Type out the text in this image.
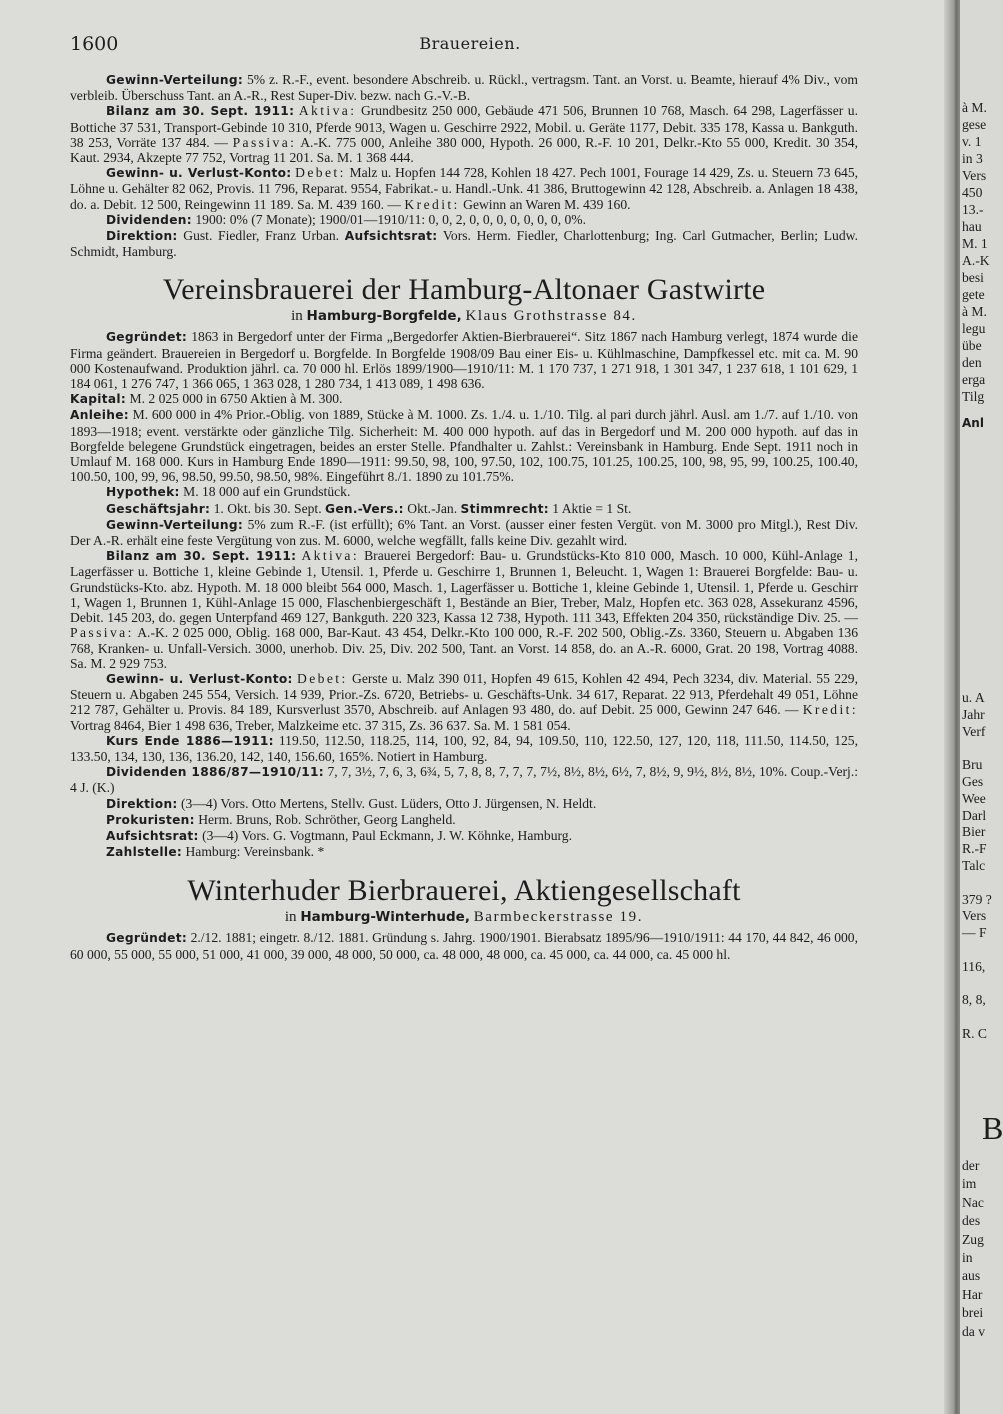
1600	Brauereien.

Gewinn-Verteilung: 5% z. R.-F., event. besondere Abschreib. u. Rückl., vertragsm. Tant. an Vorst. u. Beamte, hierauf 4% Div., vom verbleib. Überschuss Tant. an A.-R., Rest Super-Div. bezw. nach G.-V.-B.

Bilanz am 30. Sept. 1911: Aktiva: Grundbesitz 250 000, Gebäude 471 506, Brunnen 10 768, Masch. 64 298, Lagerfässer u. Bottiche 37 531, Transport-Gebinde 10 310, Pferde 9013, Wagen u. Geschirre 2922, Mobil. u. Geräte 1177, Debit. 335 178, Kassa u. Bankguth. 38 253, Vorräte 137 484. — Passiva: A.-K. 775 000, Anleihe 380 000, Hypoth. 26 000, R.-F. 10 201, Delkr.-Kto 55 000, Kredit. 30 354, Kaut. 2934, Akzepte 77 752, Vortrag 11 201. Sa. M. 1 368 444.

Gewinn- u. Verlust-Konto: Debet: Malz u. Hopfen 144 728, Kohlen 18 427. Pech 1001, Fourage 14 429, Zs. u. Steuern 73 645, Löhne u. Gehälter 82 062, Provis. 11 796, Reparat. 9554, Fabrikat.- u. Handl.-Unk. 41 386, Bruttogewinn 42 128, Abschreib. a. Anlagen 18 438, do. a. Debit. 12 500, Reingewinn 11 189. Sa. M. 439 160. — Kredit: Gewinn an Waren M. 439 160.

Dividenden: 1900: 0% (7 Monate); 1900/01—1910/11: 0, 0, 2, 0, 0, 0, 0, 0, 0, 0, 0%.

Direktion: Gust. Fiedler, Franz Urban. Aufsichtsrat: Vors. Herm. Fiedler, Charlottenburg; Ing. Carl Gutmacher, Berlin; Ludw. Schmidt, Hamburg.

Vereinsbrauerei der Hamburg-Altonaer Gastwirte
in Hamburg-Borgfelde, Klaus Grothstrasse 84.

Gegründet: 1863 in Bergedorf unter der Firma „Bergedorfer Aktien-Bierbrauerei“. Sitz 1867 nach Hamburg verlegt, 1874 wurde die Firma geändert. Brauereien in Bergedorf u. Borgfelde. In Borgfelde 1908/09 Bau einer Eis- u. Kühlmaschine, Dampfkessel etc. mit ca. M. 90 000 Kostenaufwand. Produktion jährl. ca. 70 000 hl. Erlös 1899/1900—1910/11: M. 1 170 737, 1 271 918, 1 301 347, 1 237 618, 1 101 629, 1 184 061, 1 276 747, 1 366 065, 1 363 028, 1 280 734, 1 413 089, 1 498 636.

Kapital: M. 2 025 000 in 6750 Aktien à M. 300.

Anleihe: M. 600 000 in 4% Prior.-Oblig. von 1889, Stücke à M. 1000. Zs. 1./4. u. 1./10. Tilg. al pari durch jährl. Ausl. am 1./7. auf 1./10. von 1893—1918; event. verstärkte oder gänzliche Tilg. Sicherheit: M. 400 000 hypoth. auf das in Bergedorf und M. 200 000 hypoth. auf das in Borgfelde belegene Grundstück eingetragen, beides an erster Stelle. Pfandhalter u. Zahlst.: Vereinsbank in Hamburg. Ende Sept. 1911 noch in Umlauf M. 168 000. Kurs in Hamburg Ende 1890—1911: 99.50, 98, 100, 97.50, 102, 100.75, 101.25, 100.25, 100, 98, 95, 99, 100.25, 100.40, 100.50, 100, 99, 96, 98.50, 99.50, 98.50, 98%. Eingeführt 8./1. 1890 zu 101.75%.

Hypothek: M. 18 000 auf ein Grundstück.

Geschäftsjahr: 1. Okt. bis 30. Sept. Gen.-Vers.: Okt.-Jan. Stimmrecht: 1 Aktie = 1 St.

Gewinn-Verteilung: 5% zum R.-F. (ist erfüllt); 6% Tant. an Vorst. (ausser einer festen Vergüt. von M. 3000 pro Mitgl.), Rest Div. Der A.-R. erhält eine feste Vergütung von zus. M. 6000, welche wegfällt, falls keine Div. gezahlt wird.

Bilanz am 30. Sept. 1911: Aktiva: Brauerei Bergedorf: Bau- u. Grundstücks-Kto 810 000, Masch. 10 000, Kühl-Anlage 1, Lagerfässer u. Bottiche 1, kleine Gebinde 1, Utensil. 1, Pferde u. Geschirre 1, Brunnen 1, Beleucht. 1, Wagen 1: Brauerei Borgfelde: Bau- u. Grundstücks-Kto. abz. Hypoth. M. 18 000 bleibt 564 000, Masch. 1, Lagerfässer u. Bottiche 1, kleine Gebinde 1, Utensil. 1, Pferde u. Geschirr 1, Wagen 1, Brunnen 1, Kühl-Anlage 15 000, Flaschenbiergeschäft 1, Bestände an Bier, Treber, Malz, Hopfen etc. 363 028, Assekuranz 4596, Debit. 145 203, do. gegen Unterpfand 469 127, Bankguth. 220 323, Kassa 12 738, Hypoth. 111 343, Effekten 204 350, rückständige Div. 25. — Passiva: A.-K. 2 025 000, Oblig. 168 000, Bar-Kaut. 43 454, Delkr.-Kto 100 000, R.-F. 202 500, Oblig.-Zs. 3360, Steuern u. Abgaben 136 768, Kranken- u. Unfall-Versich. 3000, unerhob. Div. 25, Div. 202 500, Tant. an Vorst. 14 858, do. an A.-R. 6000, Grat. 20 198, Vortrag 4088. Sa. M. 2 929 753.

Gewinn- u. Verlust-Konto: Debet: Gerste u. Malz 390 011, Hopfen 49 615, Kohlen 42 494, Pech 3234, div. Material. 55 229, Steuern u. Abgaben 245 554, Versich. 14 939, Prior.-Zs. 6720, Betriebs- u. Geschäfts-Unk. 34 617, Reparat. 22 913, Pferdehalt 49 051, Löhne 212 787, Gehälter u. Provis. 84 189, Kursverlust 3570, Abschreib. auf Anlagen 93 480, do. auf Debit. 25 000, Gewinn 247 646. — Kredit: Vortrag 8464, Bier 1 498 636, Treber, Malzkeime etc. 37 315, Zs. 36 637. Sa. M. 1 581 054.

Kurs Ende 1886—1911: 119.50, 112.50, 118.25, 114, 100, 92, 84, 94, 109.50, 110, 122.50, 127, 120, 118, 111.50, 114.50, 125, 133.50, 134, 130, 136, 136.20, 142, 140, 156.60, 165%. Notiert in Hamburg.

Dividenden 1886/87—1910/11: 7, 7, 3½, 7, 6, 3, 6¾, 5, 7, 8, 8, 7, 7, 7, 7½, 8½, 8½, 6½, 7, 8½, 9, 9½, 8½, 8½, 10%. Coup.-Verj.: 4 J. (K.)

Direktion: (3—4) Vors. Otto Mertens, Stellv. Gust. Lüders, Otto J. Jürgensen, N. Heldt.

Prokuristen: Herm. Bruns, Rob. Schröther, Georg Langheld.

Aufsichtsrat: (3—4) Vors. G. Vogtmann, Paul Eckmann, J. W. Köhnke, Hamburg.

Zahlstelle: Hamburg: Vereinsbank. *

Winterhuder Bierbrauerei, Aktiengesellschaft
in Hamburg-Winterhude, Barmbeckerstrasse 19.

Gegründet: 2./12. 1881; eingetr. 8./12. 1881. Gründung s. Jahrg. 1900/1901. Bierabsatz 1895/96—1910/1911: 44 170, 44 842, 46 000, 60 000, 55 000, 55 000, 51 000, 41 000, 39 000, 48 000, 50 000, ca. 48 000, 48 000, ca. 45 000, ca. 44 000, ca. 45 000 hl.

à M.
gese
v. 1
in 3
Vers
450
13.-
hau
M. 1
A.-K
besi
gete
à M.
legu
übe
den
erga
Tilg
Anl
u. A
Jahr
Verf
Bru
Ges
Wee
Darl
Bier
R.-F
Talc
379 ?
Vers
— F
116,
8, 8,
R. C
B
der
im
Nac
des
Zug
in
aus
Har
brei
da v
